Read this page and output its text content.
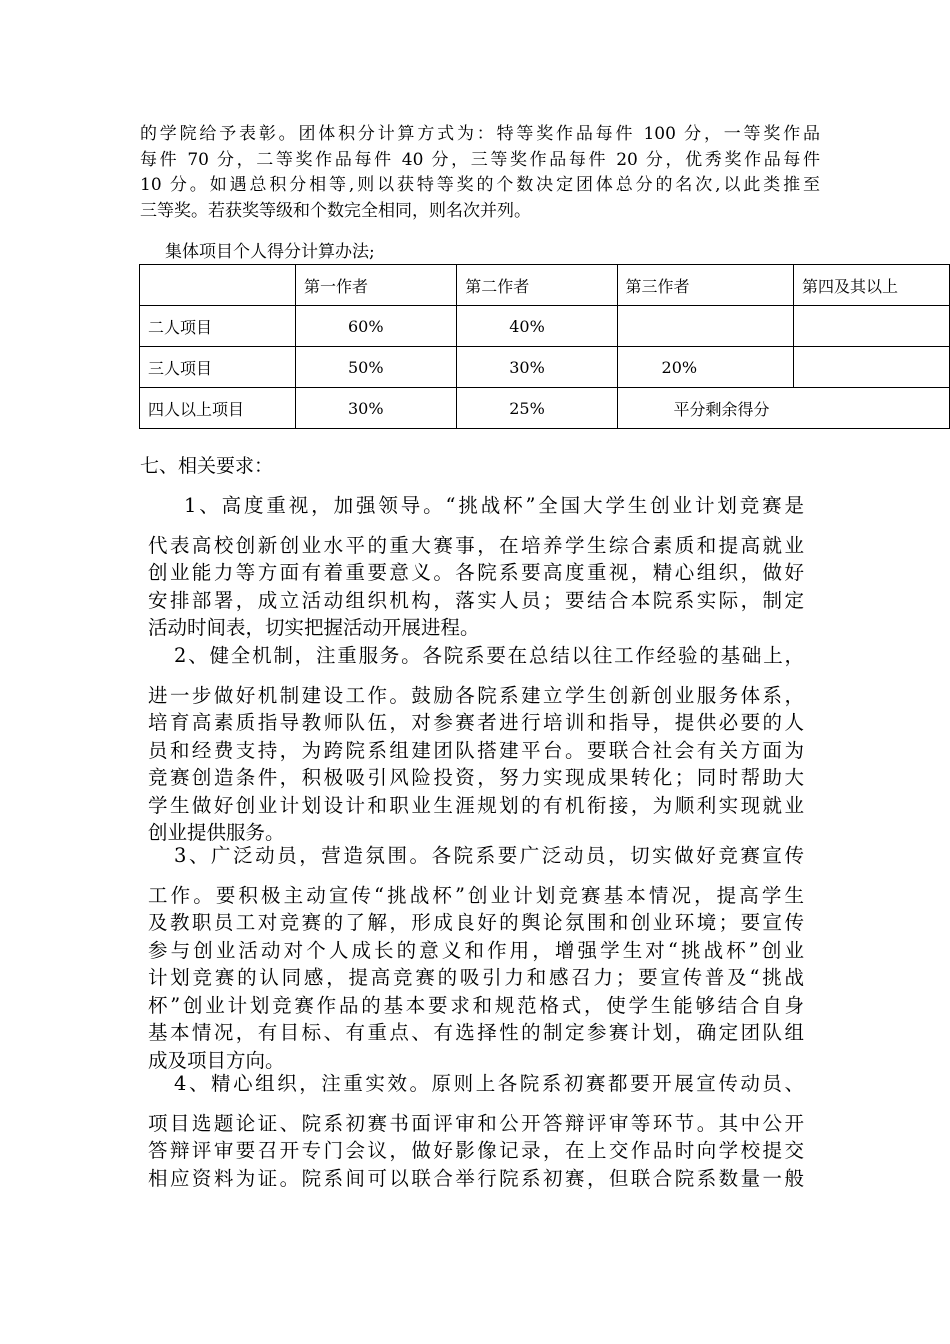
的学院给予表彰。团体积分计算方式为：特等奖作品每件 100 分，一等奖作品
每件 70 分，二等奖作品每件 40 分，三等奖作品每件 20 分，优秀奖作品每件
10 分。如遇总积分相等,则以获特等奖的个数决定团体总分的名次,以此类推至
三等奖。若获奖等级和个数完全相同，则名次并列。
集体项目个人得分计算办法;
	第一作者	第二作者	第三作者	第四及其以上
二人项目	60%	40%		
三人项目	50%	30%	20%	
四人以上项目	30%	25%	平分剩余得分	
七、相关要求：
1、高度重视，加强领导。“挑战杯”全国大学生创业计划竞赛是
代表高校创新创业水平的重大赛事，在培养学生综合素质和提高就业
创业能力等方面有着重要意义。各院系要高度重视，精心组织，做好
安排部署，成立活动组织机构，落实人员；要结合本院系实际，制定
活动时间表，切实把握活动开展进程。
2、健全机制，注重服务。各院系要在总结以往工作经验的基础上，
进一步做好机制建设工作。鼓励各院系建立学生创新创业服务体系，
培育高素质指导教师队伍，对参赛者进行培训和指导，提供必要的人
员和经费支持，为跨院系组建团队搭建平台。要联合社会有关方面为
竞赛创造条件，积极吸引风险投资，努力实现成果转化；同时帮助大
学生做好创业计划设计和职业生涯规划的有机衔接，为顺利实现就业
创业提供服务。
3、广泛动员，营造氛围。各院系要广泛动员，切实做好竞赛宣传
工作。要积极主动宣传“挑战杯”创业计划竞赛基本情况，提高学生
及教职员工对竞赛的了解，形成良好的舆论氛围和创业环境；要宣传
参与创业活动对个人成长的意义和作用，增强学生对“挑战杯”创业
计划竞赛的认同感，提高竞赛的吸引力和感召力；要宣传普及“挑战
杯”创业计划竞赛作品的基本要求和规范格式，使学生能够结合自身
基本情况，有目标、有重点、有选择性的制定参赛计划，确定团队组
成及项目方向。
4、精心组织，注重实效。原则上各院系初赛都要开展宣传动员、
项目选题论证、院系初赛书面评审和公开答辩评审等环节。其中公开
答辩评审要召开专门会议，做好影像记录，在上交作品时向学校提交
相应资料为证。院系间可以联合举行院系初赛，但联合院系数量一般
